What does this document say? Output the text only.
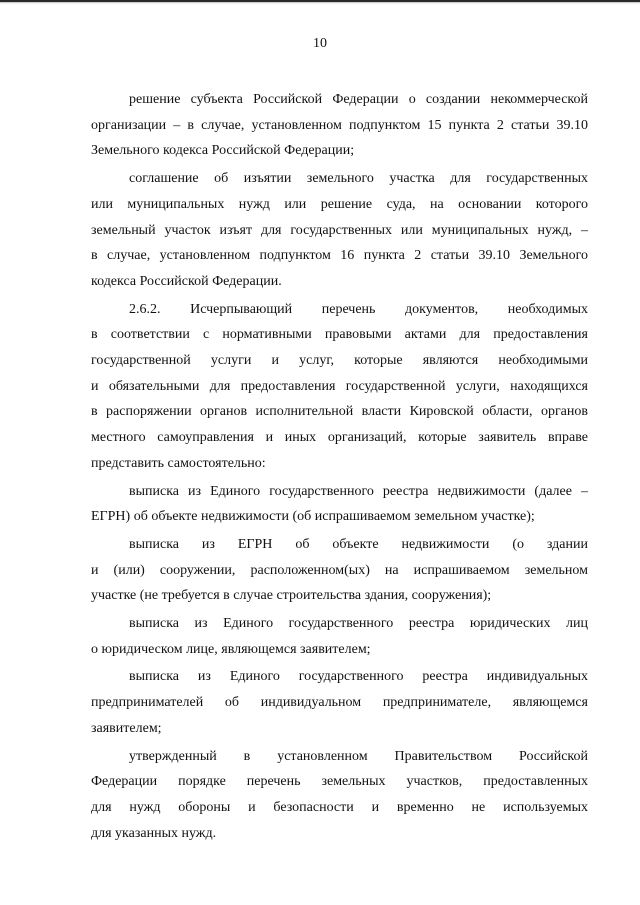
10

решение субъекта Российской Федерации о создании некоммерческой
организации – в случае, установленном подпунктом 15 пункта 2 статьи 39.10
Земельного кодекса Российской Федерации;

соглашение об изъятии земельного участка для государственных
или муниципальных нужд или решение суда, на основании которого
земельный участок изъят для государственных или муниципальных нужд, –
в случае, установленном подпунктом 16 пункта 2 статьи 39.10 Земельного
кодекса Российской Федерации.

2.6.2. Исчерпывающий перечень документов, необходимых
в соответствии с нормативными правовыми актами для предоставления
государственной услуги и услуг, которые являются необходимыми
и обязательными для предоставления государственной услуги, находящихся
в распоряжении органов исполнительной власти Кировской области, органов
местного самоуправления и иных организаций, которые заявитель вправе
представить самостоятельно:

выписка из Единого государственного реестра недвижимости (далее –
ЕГРН) об объекте недвижимости (об испрашиваемом земельном участке);

выписка из ЕГРН об объекте недвижимости (о здании
и (или) сооружении, расположенном(ых) на испрашиваемом земельном
участке (не требуется в случае строительства здания, сооружения);

выписка из Единого государственного реестра юридических лиц
о юридическом лице, являющемся заявителем;

выписка из Единого государственного реестра индивидуальных
предпринимателей об индивидуальном предпринимателе, являющемся
заявителем;

утвержденный в установленном Правительством Российской
Федерации порядке перечень земельных участков, предоставленных
для нужд обороны и безопасности и временно не используемых
для указанных нужд.
